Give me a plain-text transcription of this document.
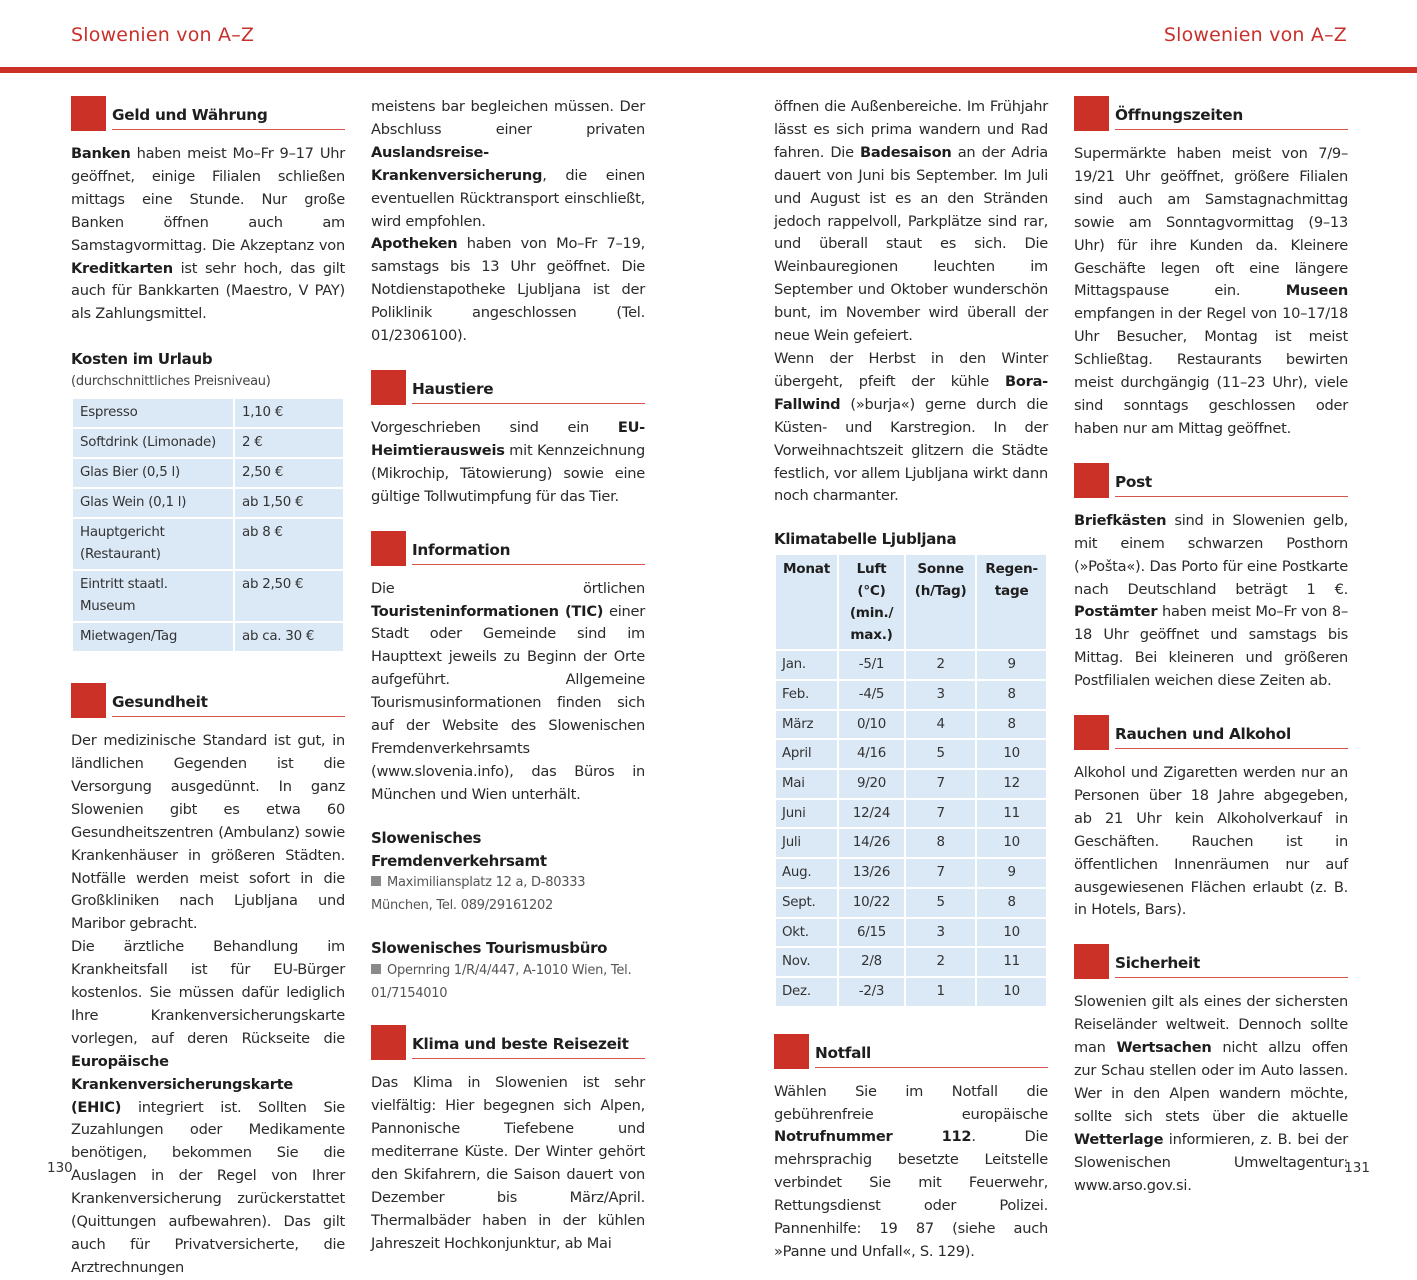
Slowenien von A–Z	Slowenien von A–Z
Geld und Währung

Banken haben meist Mo–Fr 9–17 Uhr geöffnet, einige Filialen schließen mittags eine Stunde. Nur große Banken öffnen auch am Samstagvormittag. Die Akzeptanz von Kreditkarten ist sehr hoch, das gilt auch für Bankkarten (Maestro, V PAY) als Zahlungsmittel.

Kosten im Urlaub

(durchschnittliches Preisniveau)

Espresso	1,10 €
Softdrink (Limonade)	2 €
Glas Bier (0,5 l)	2,50 €
Glas Wein (0,1 l)	ab 1,50 €
Hauptgericht (Restaurant)	ab 8 €
Eintritt staatl. Museum	ab 2,50 €
Mietwagen/Tag	ab ca. 30 €
Gesundheit

Der medizinische Standard ist gut, in ländlichen Gegenden ist die Versorgung ausgedünnt. In ganz Slowenien gibt es etwa 60 Gesundheitszentren (Ambulanz) sowie Krankenhäuser in größeren Städten. Notfälle werden meist sofort in die Großkliniken nach Ljubljana und Maribor gebracht.

Die ärztliche Behandlung im Krankheitsfall ist für EU-Bürger kostenlos. Sie müssen dafür lediglich Ihre Krankenversicherungskarte vorlegen, auf deren Rückseite die Europäische Krankenversicherungskarte (EHIC) integriert ist. Sollten Sie Zuzahlungen oder Medikamente benötigen, bekommen Sie die Auslagen in der Regel von Ihrer Krankenversicherung zurückerstattet (Quittungen aufbewahren). Das gilt auch für Privatversicherte, die Arztrechnungen

meistens bar begleichen müssen. Der Abschluss einer privaten Auslandsreise-Krankenversicherung, die einen eventuellen Rücktransport einschließt, wird empfohlen.

Apotheken haben von Mo–Fr 7–19, samstags bis 13 Uhr geöffnet. Die Notdienstapotheke Ljubljana ist der Poliklinik angeschlossen (Tel. 01/2306100).

Haustiere

Vorgeschrieben sind ein EU-Heimtierausweis mit Kennzeichnung (Mikrochip, Tätowierung) sowie eine gültige Tollwutimpfung für das Tier.

Information

Die örtlichen Touristeninformationen (TIC) einer Stadt oder Gemeinde sind im Haupttext jeweils zu Beginn der Orte aufgeführt. Allgemeine Tourismusinformationen finden sich auf der Website des Slowenischen Fremdenverkehrsamts (www.slovenia.info), das Büros in München und Wien unterhält.

Slowenisches Fremdenverkehrsamt
Maximiliansplatz 12 a, D-80333 München, Tel. 089/29161202
Slowenisches Tourismusbüro
Opernring 1/R/4/447, A-1010 Wien, Tel. 01/7154010
Klima und beste Reisezeit

Das Klima in Slowenien ist sehr vielfältig: Hier begegnen sich Alpen, Pannonische Tiefebene und mediterrane Küste. Der Winter gehört den Skifahrern, die Saison dauert von Dezember bis März/April. Thermalbäder haben in der kühlen Jahreszeit Hochkonjunktur, ab Mai

öffnen die Außenbereiche. Im Frühjahr lässt es sich prima wandern und Rad fahren. Die Badesaison an der Adria dauert von Juni bis September. Im Juli und August ist es an den Stränden jedoch rappelvoll, Parkplätze sind rar, und überall staut es sich. Die Weinbauregionen leuchten im September und Oktober wunderschön bunt, im November wird überall der neue Wein gefeiert.

Wenn der Herbst in den Winter übergeht, pfeift der kühle Bora-Fallwind (»burja«) gerne durch die Küsten- und Karstregion. In der Vorweihnachtszeit glitzern die Städte festlich, vor allem Ljubljana wirkt dann noch charmanter.

Klimatabelle Ljubljana

Monat	Luft (°C) (min./ max.)	Sonne (h/Tag)	Regen-tage
Jan.	-5/1	2	9
Feb.	-4/5	3	8
März	0/10	4	8
April	4/16	5	10
Mai	9/20	7	12
Juni	12/24	7	11
Juli	14/26	8	10
Aug.	13/26	7	9
Sept.	10/22	5	8
Okt.	6/15	3	10
Nov.	2/8	2	11
Dez.	-2/3	1	10
Notfall

Wählen Sie im Notfall die gebührenfreie europäische Notrufnummer 112. Die mehrsprachig besetzte Leitstelle verbindet Sie mit Feuerwehr, Rettungsdienst oder Polizei. Pannenhilfe: 19 87 (siehe auch »Panne und Unfall«, S. 129).

Öffnungszeiten

Supermärkte haben meist von 7/9–19/21 Uhr geöffnet, größere Filialen sind auch am Samstagnachmittag sowie am Sonntagvormittag (9–13 Uhr) für ihre Kunden da. Kleinere Geschäfte legen oft eine längere Mittagspause ein. Museen empfangen in der Regel von 10–17/18 Uhr Besucher, Montag ist meist Schließtag. Restaurants bewirten meist durchgängig (11–23 Uhr), viele sind sonntags geschlossen oder haben nur am Mittag geöffnet.

Post

Briefkästen sind in Slowenien gelb, mit einem schwarzen Posthorn (»Pošta«). Das Porto für eine Postkarte nach Deutschland beträgt 1 €. Postämter haben meist Mo–Fr von 8–18 Uhr geöffnet und samstags bis Mittag. Bei kleineren und größeren Postfilialen weichen diese Zeiten ab.

Rauchen und Alkohol

Alkohol und Zigaretten werden nur an Personen über 18 Jahre abgegeben, ab 21 Uhr kein Alkoholverkauf in Geschäften. Rauchen ist in öffentlichen Innenräumen nur auf ausgewiesenen Flächen erlaubt (z. B. in Hotels, Bars).

Sicherheit

Slowenien gilt als eines der sichersten Reiseländer weltweit. Dennoch sollte man Wertsachen nicht allzu offen zur Schau stellen oder im Auto lassen. Wer in den Alpen wandern möchte, sollte sich stets über die aktuelle Wetterlage informieren, z. B. bei der Slowenischen Umweltagentur: www.arso.gov.si.

130	131
